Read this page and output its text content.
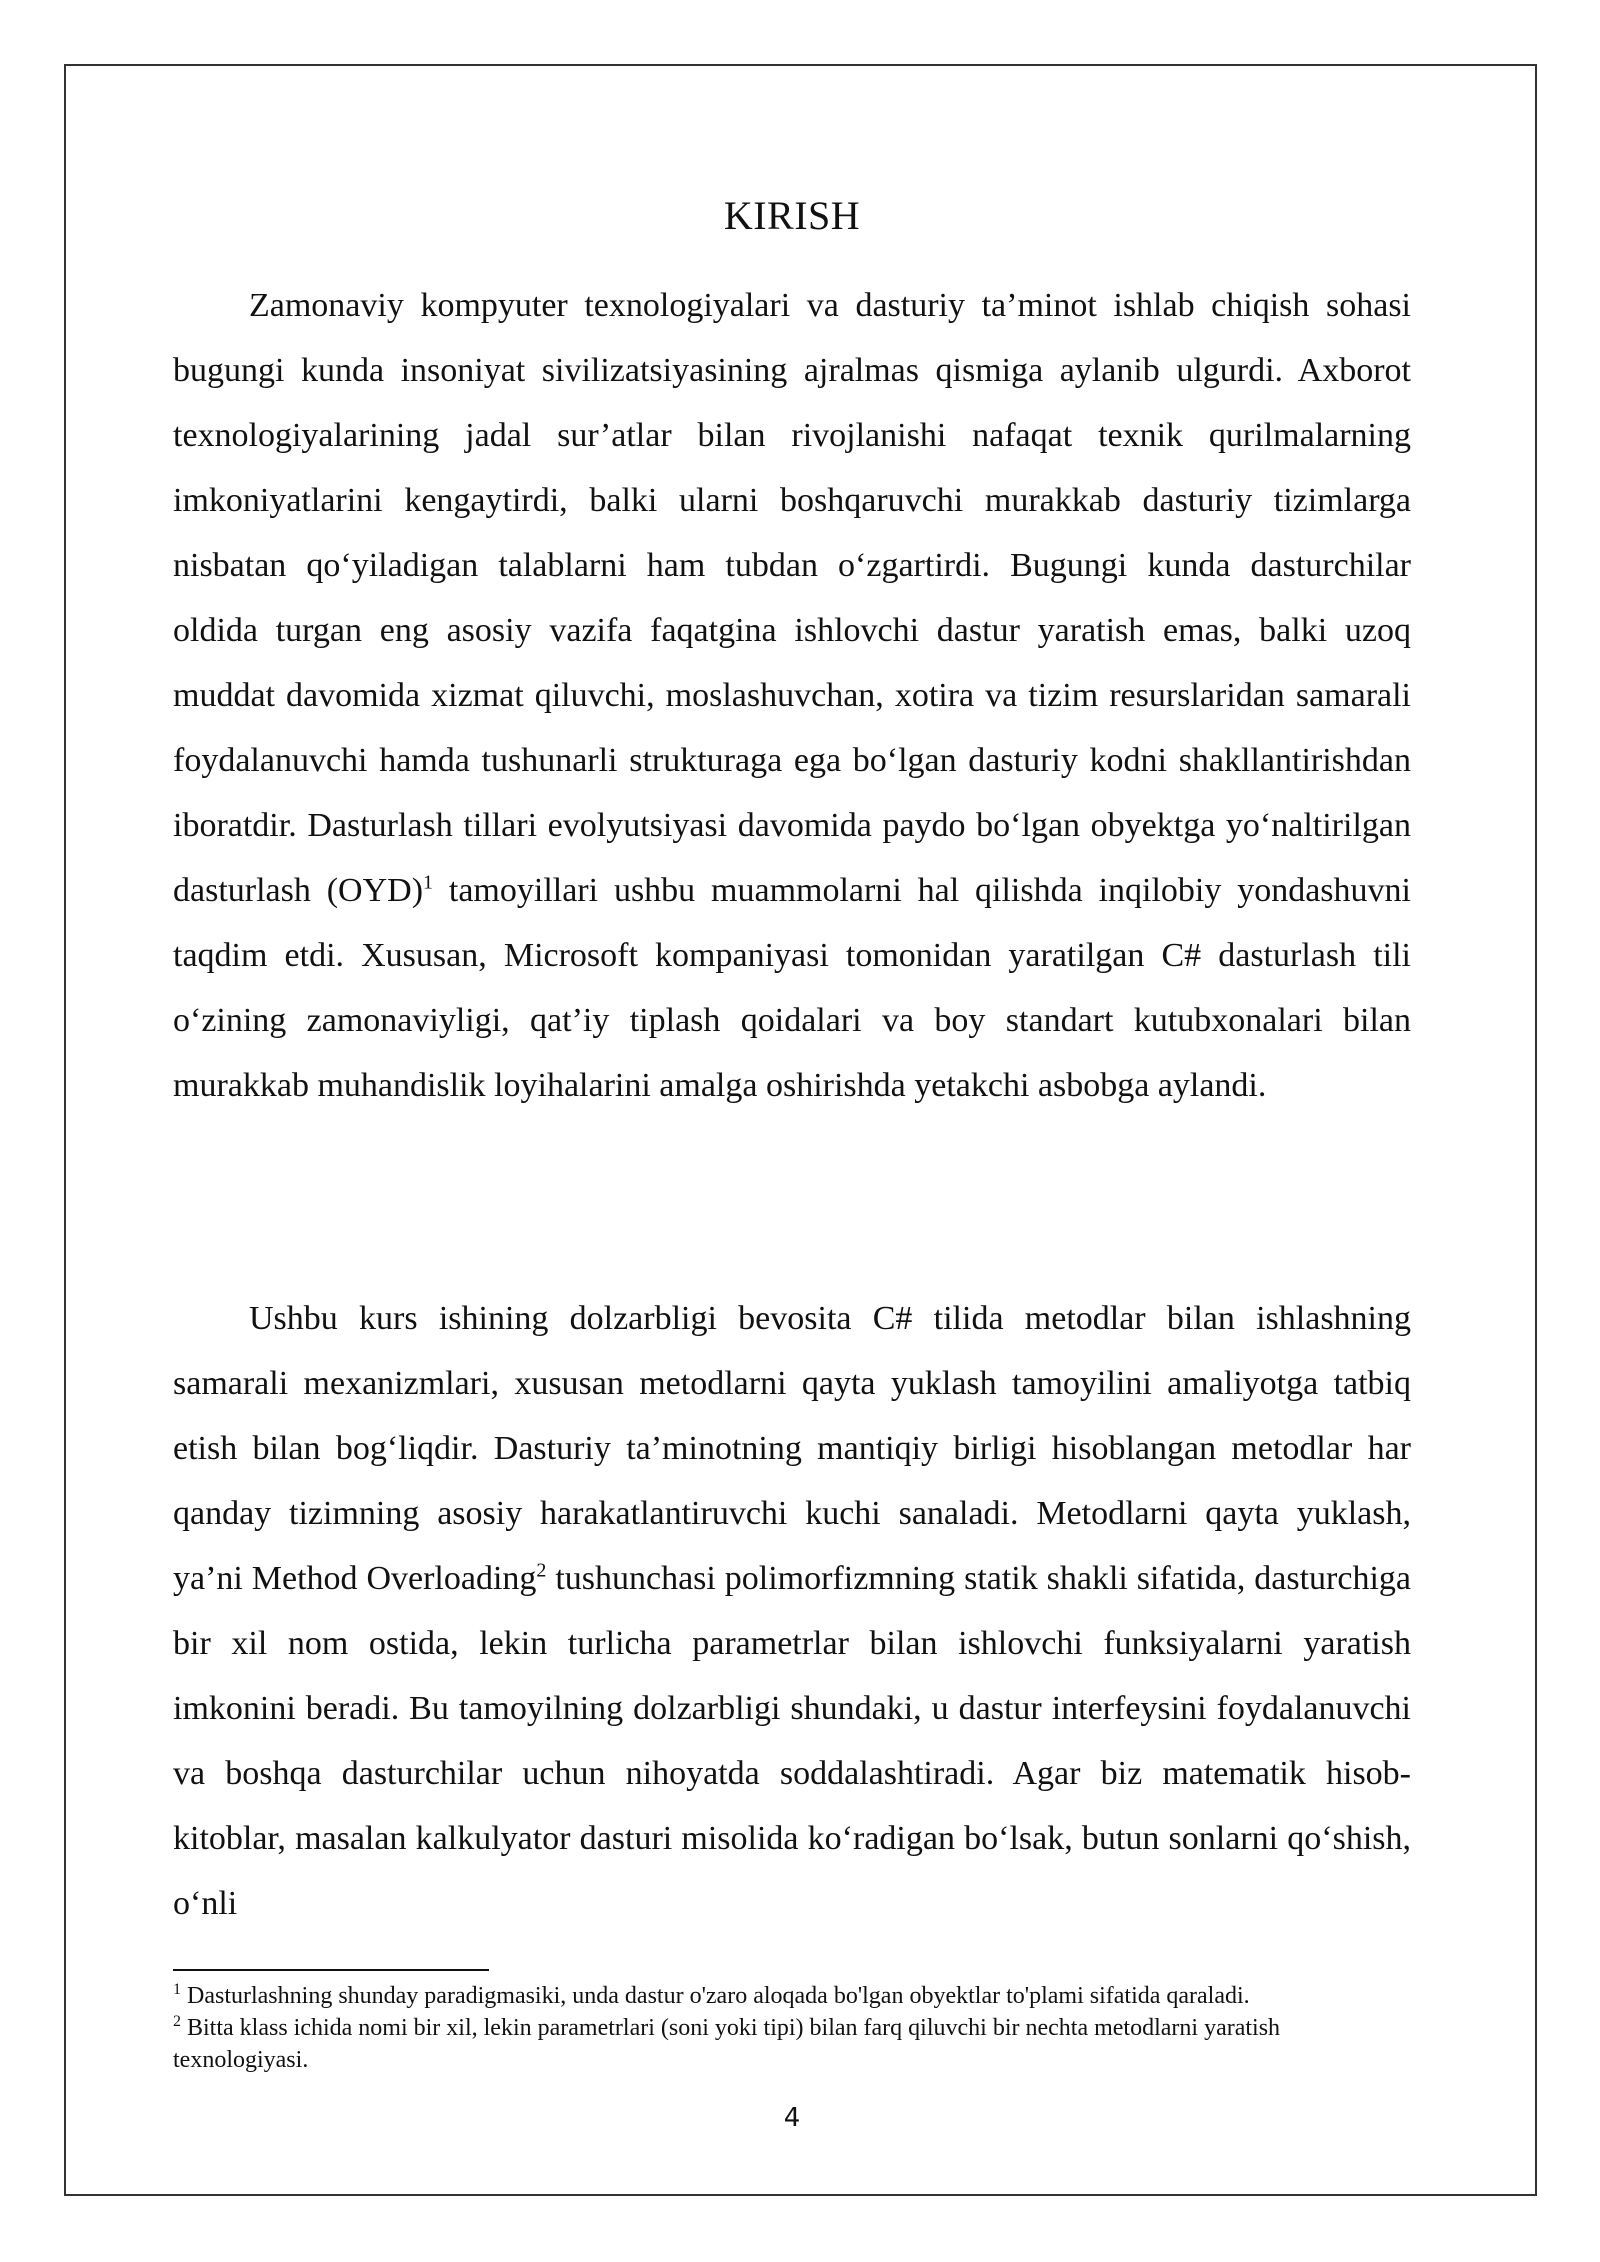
KIRISH

Zamonaviy kompyuter texnologiyalari va dasturiy ta’minot ishlab chiqish sohasi bugungi kunda insoniyat sivilizatsiyasining ajralmas qismiga aylanib ulgurdi. Axborot texnologiyalarining jadal sur’atlar bilan rivojlanishi nafaqat texnik qurilmalarning imkoniyatlarini kengaytirdi, balki ularni boshqaruvchi murakkab dasturiy tizimlarga nisbatan qo‘yiladigan talablarni ham tubdan o‘zgartirdi. Bugungi kunda dasturchilar oldida turgan eng asosiy vazifa faqatgina ishlovchi dastur yaratish emas, balki uzoq muddat davomida xizmat qiluvchi, moslashuvchan, xotira va tizim resurslaridan samarali foydalanuvchi hamda tushunarli strukturaga ega bo‘lgan dasturiy kodni shakllantirishdan iboratdir. Dasturlash tillari evolyutsiyasi davomida paydo bo‘lgan obyektga yo‘naltirilgan dasturlash (OYD)$^1$ tamoyillari ushbu muammolarni hal qilishda inqilobiy yondashuvni taqdim etdi. Xususan, Microsoft kompaniyasi tomonidan yaratilgan C# dasturlash tili o‘zining zamonaviyligi, qat’iy tiplash qoidalari va boy standart kutubxonalari bilan murakkab muhandislik loyihalarini amalga oshirishda yetakchi asbobga aylandi.

Ushbu kurs ishining dolzarbligi bevosita C# tilida metodlar bilan ishlashning samarali mexanizmlari, xususan metodlarni qayta yuklash tamoyilini amaliyotga tatbiq etish bilan bog‘liqdir. Dasturiy ta’minotning mantiqiy birligi hisoblangan metodlar har qanday tizimning asosiy harakatlantiruvchi kuchi sanaladi. Metodlarni qayta yuklash, ya’ni Method Overloading$^2$ tushunchasi polimorfizmning statik shakli sifatida, dasturchiga bir xil nom ostida, lekin turlicha parametrlar bilan ishlovchi funksiyalarni yaratish imkonini beradi. Bu tamoyilning dolzarbligi shundaki, u dastur interfeysini foydalanuvchi va boshqa dasturchilar uchun nihoyatda soddalashtiradi. Agar biz matematik hisob-kitoblar, masalan kalkulyator dasturi misolida ko‘radigan bo‘lsak, butun sonlarni qo‘shish, o‘nli

$^1$ Dasturlashning shunday paradigmasiki, unda dastur o'zaro aloqada bo'lgan obyektlar to'plami sifatida qaraladi.

$^2$ Bitta klass ichida nomi bir xil, lekin parametrlari (soni yoki tipi) bilan farq qiluvchi bir nechta metodlarni yaratish texnologiyasi.

4
